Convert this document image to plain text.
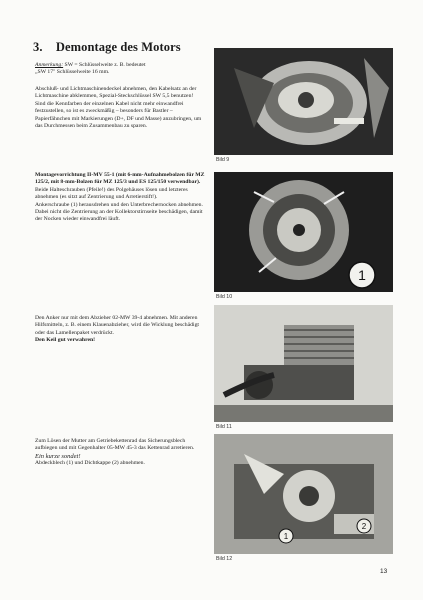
3. Demontage des Motors

Anmerkung: SW = Schlüsselweite z. B. bedeutet

„SW 17" Schlüsselweite 16 mm.

Abschluß- und Lichtmaschinendeckel abnehmen, den Kabelsatz an der Lichtmaschine abklemmen, Spezial-Steckschlüssel SW 5,5 benutzen!

Sind die Kennfarben der einzelnen Kabel nicht mehr einwandfrei festzustellen, so ist es zweckmäßig – besonders für Bastler – Papierfähnchen mit Markierungen (D+, DF und Masse) anzubringen, um das Durchmessen beim Zusammenbau zu sparen.

Montagevorrichtung II-MV 55-1 (mit 6-mm-Aufnahmebolzen für MZ 125/2, mit 8-mm-Bolzen für MZ 125/3 und ES 125/150 verwendbar).

Beide Halteschrauben (Pfeile!) des Polgehäuses lösen und letzteres abnehmen (es sitzt auf Zentrierung und Arretierstift!).

Ankerschraube (1) herausdrehen und den Unterbrechernocken abnehmen. Dabei nicht die Zentrierung an der Kollektorstirnseite beschädigen, damit der Nocken wieder einwandfrei läuft.

Den Anker nur mit dem Abzieher 02-MW 39-4 abnehmen. Mit anderen Hilfsmitteln, z. B. einem Klauenabzieher, wird die Wicklung beschädigt oder das Lamellenpaket verdrückt.

Den Keil gut verwahren!

Zum Lösen der Mutter am Getriebekettenrad das Sicherungsblech aufbiegen und mit Gegenhalter 05-MW 45-3 das Kettenrad arretieren.

Ein kurze sondet!

Abdeckblech (1) und Dichtkappe (2) abnehmen.

Bild 9
1
Bild 10
Bild 11
1
2
Bild 12
13
